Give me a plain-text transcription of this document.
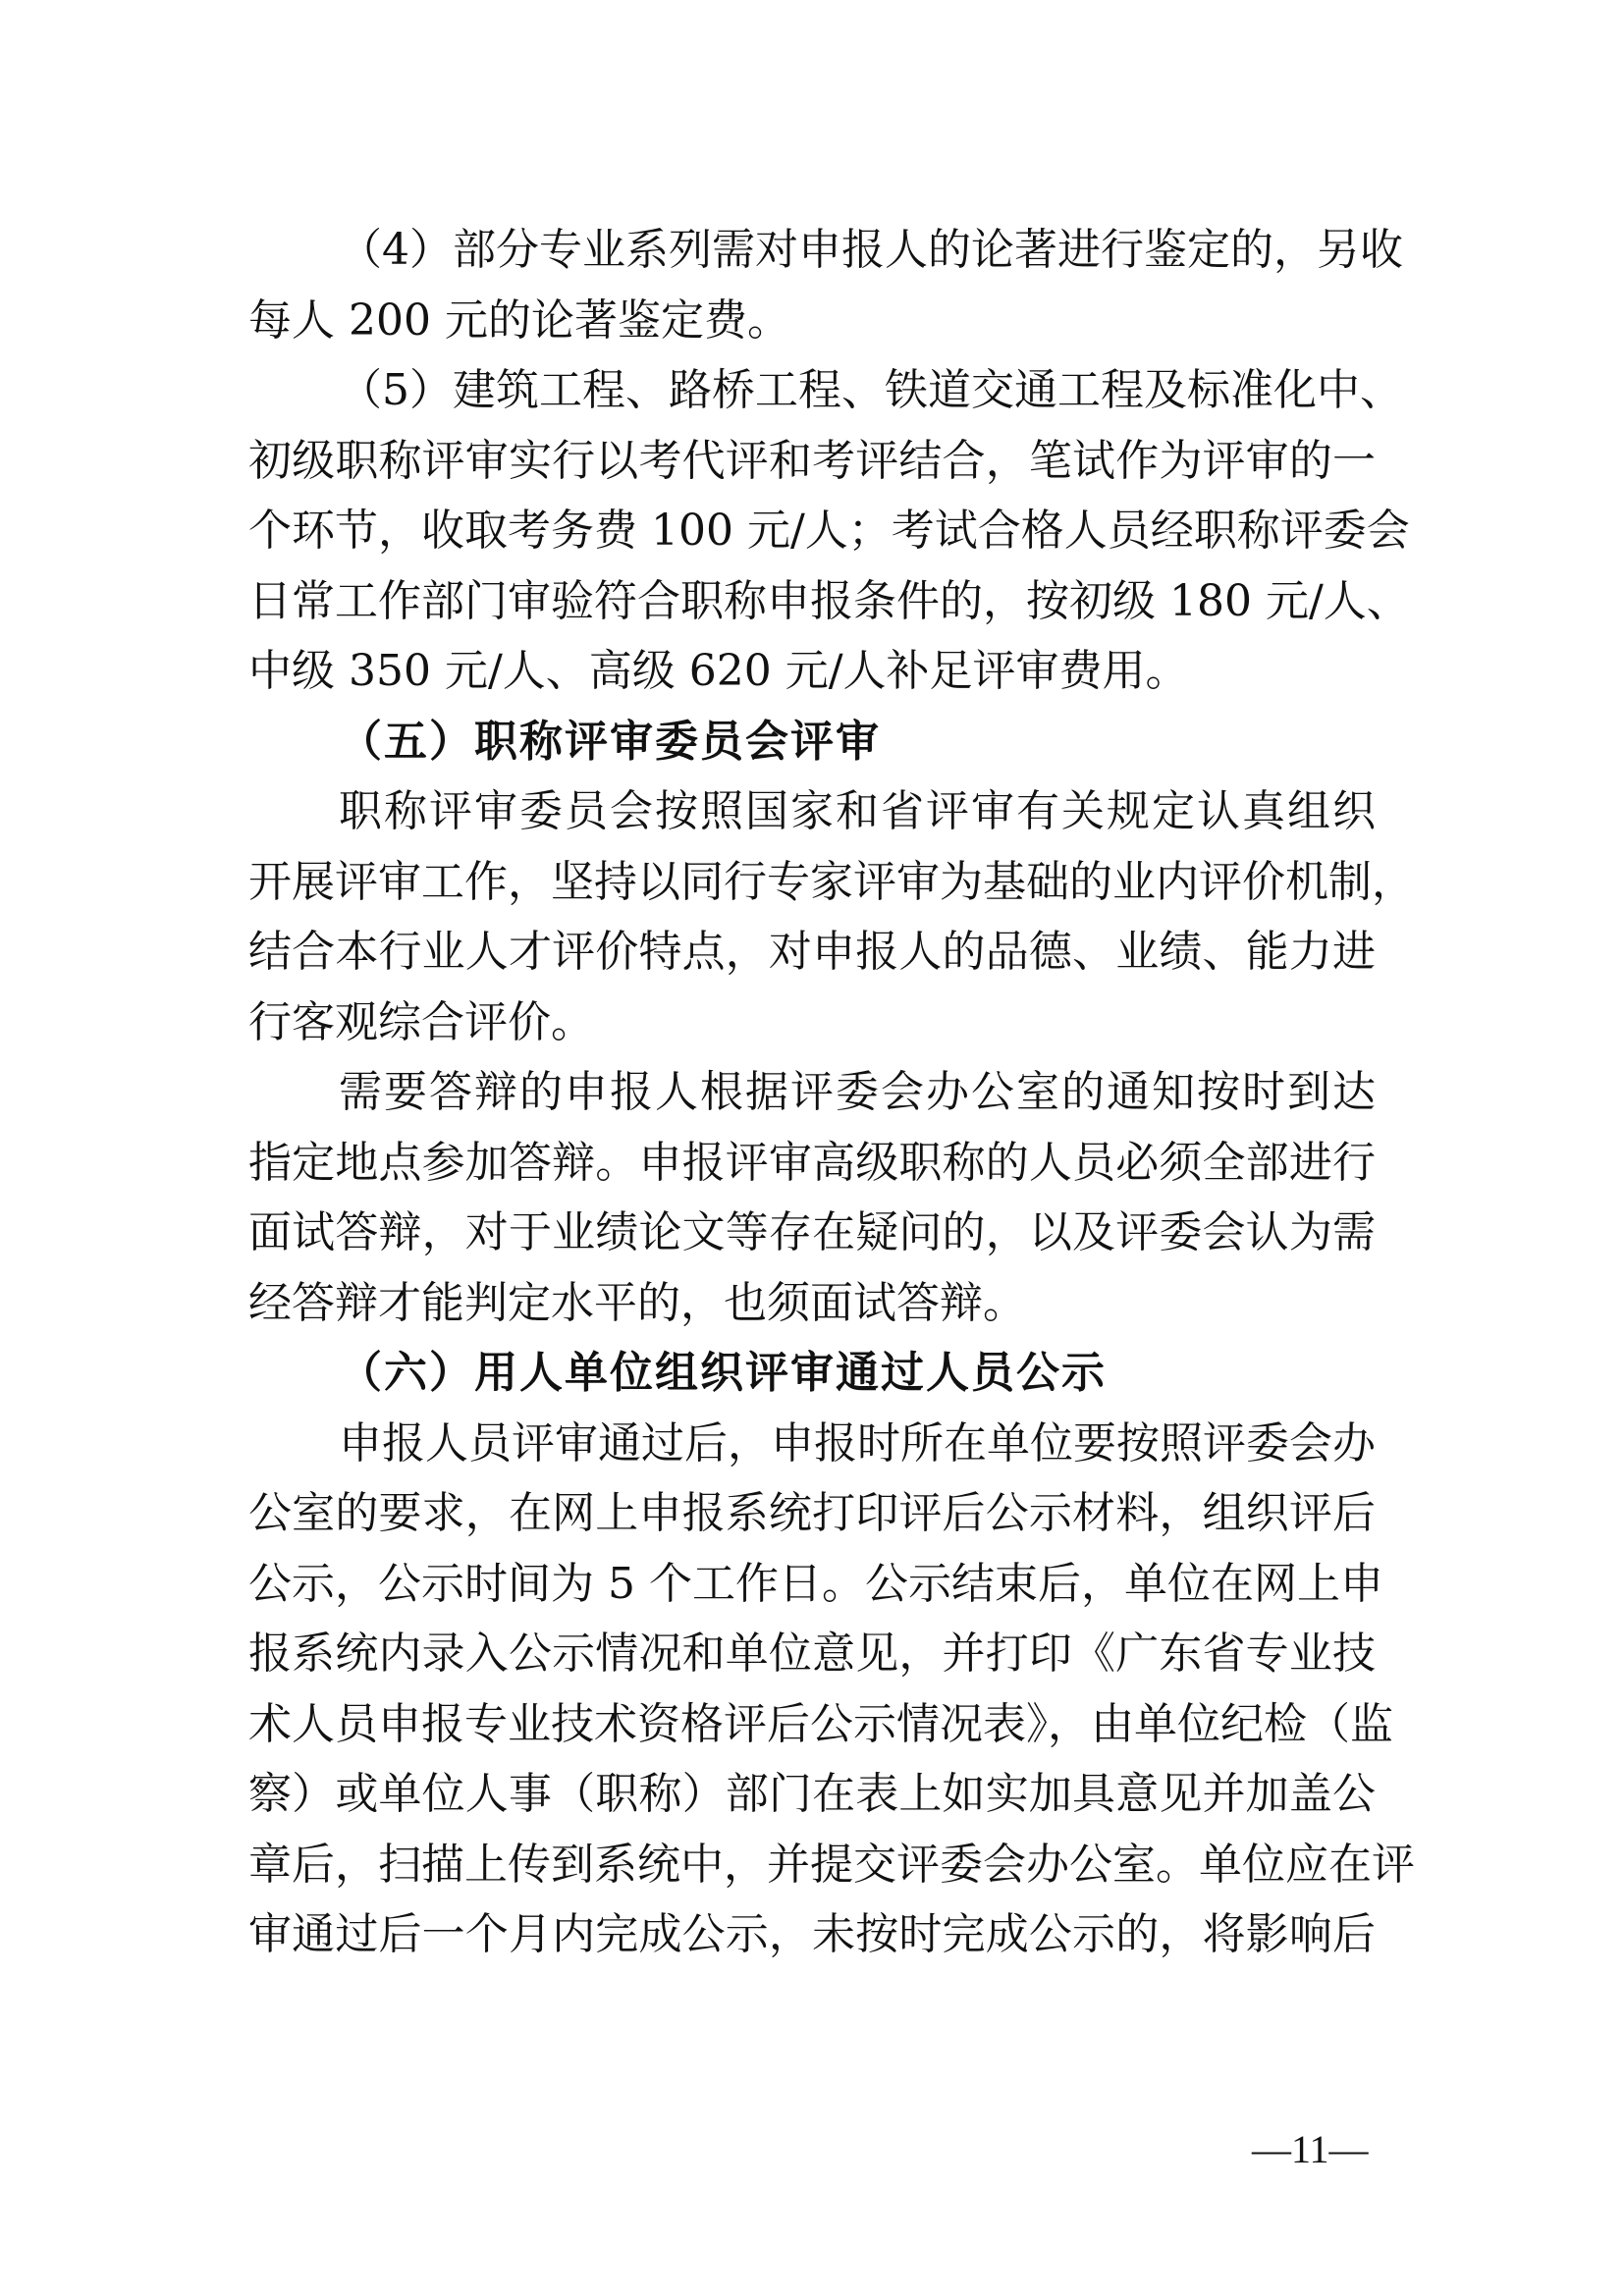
（4）部分专业系列需对申报人的论著进行鉴定的，另收
每人 200 元的论著鉴定费。
（5）建筑工程、路桥工程、铁道交通工程及标准化中、
初级职称评审实行以考代评和考评结合，笔试作为评审的一
个环节，收取考务费 100 元/人；考试合格人员经职称评委会
日常工作部门审验符合职称申报条件的，按初级 180 元/人、
中级 350 元/人、高级 620 元/人补足评审费用。
（五）职称评审委员会评审
职称评审委员会按照国家和省评审有关规定认真组织
开展评审工作，坚持以同行专家评审为基础的业内评价机制，
结合本行业人才评价特点，对申报人的品德、业绩、能力进
行客观综合评价。
需要答辩的申报人根据评委会办公室的通知按时到达
指定地点参加答辩。申报评审高级职称的人员必须全部进行
面试答辩，对于业绩论文等存在疑问的，以及评委会认为需
经答辩才能判定水平的，也须面试答辩。
（六）用人单位组织评审通过人员公示
申报人员评审通过后，申报时所在单位要按照评委会办
公室的要求，在网上申报系统打印评后公示材料，组织评后
公示，公示时间为 5 个工作日。公示结束后，单位在网上申
报系统内录入公示情况和单位意见，并打印《广东省专业技
术人员申报专业技术资格评后公示情况表》，由单位纪检（监
察）或单位人事（职称）部门在表上如实加具意见并加盖公
章后，扫描上传到系统中，并提交评委会办公室。单位应在评
审通过后一个月内完成公示，未按时完成公示的，将影响后
—11—
